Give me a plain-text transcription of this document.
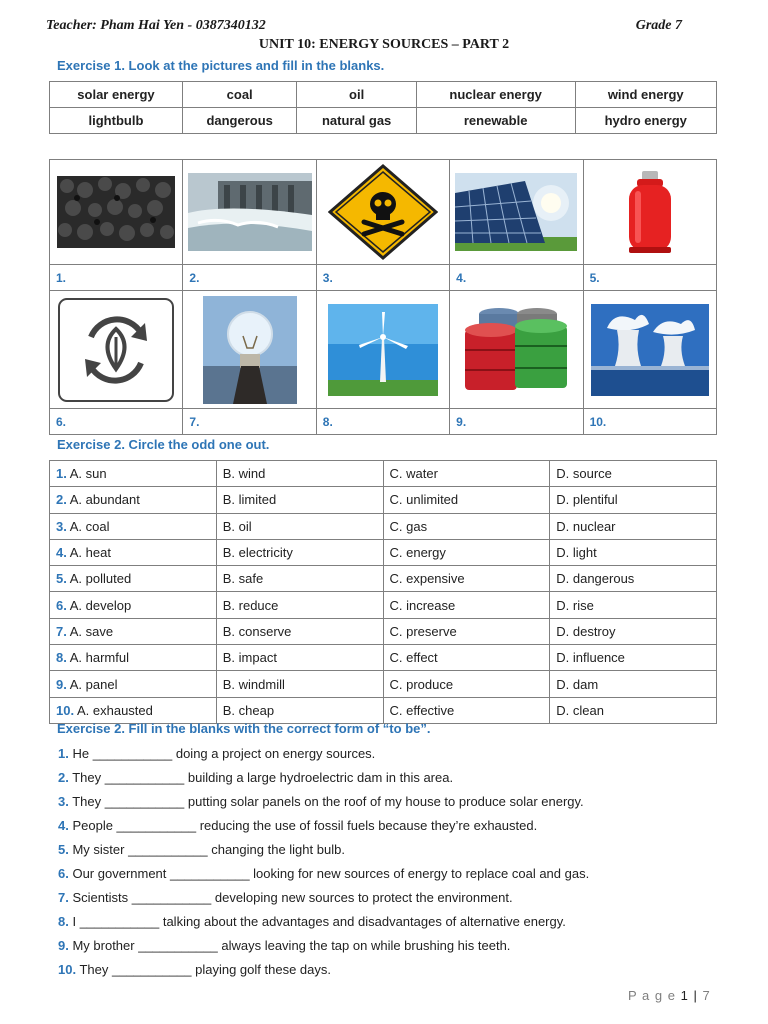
Teacher: Pham Hai Yen - 0387340132	Grade 7
UNIT 10: ENERGY SOURCES – PART 2
Exercise 1. Look at the pictures and fill in the blanks.
solar energy	coal	oil	nuclear energy	wind energy
lightbulb	dangerous	natural gas	renewable	hydro energy

1.	2.	3.	4.	5.

6.	7.	8.	9.	10.
Exercise 2. Circle the odd one out.
1. A. sun	B. wind	C. water	D. source
2. A. abundant	B. limited	C. unlimited	D. plentiful
3. A. coal	B. oil	C. gas	D. nuclear
4. A. heat	B. electricity	C. energy	D. light
5. A. polluted	B. safe	C. expensive	D. dangerous
6. A. develop	B. reduce	C. increase	D. rise
7. A. save	B. conserve	C. preserve	D. destroy
8. A. harmful	B. impact	C. effect	D. influence
9. A. panel	B. windmill	C. produce	D. dam
10. A. exhausted	B. cheap	C. effective	D. clean
Exercise 2. Fill in the blanks with the correct form of “to be”.
1. He ___________ doing a project on energy sources.
2. They ___________ building a large hydroelectric dam in this area.
3. They ___________ putting solar panels on the roof of my house to produce solar energy.
4. People ___________ reducing the use of fossil fuels because they’re exhausted.
5. My sister ___________ changing the light bulb.
6. Our government ___________ looking for new sources of energy to replace coal and gas.
7. Scientists ___________ developing new sources to protect the environment.
8. I ___________ talking about the advantages and disadvantages of alternative energy.
9. My brother ___________ always leaving the tap on while brushing his teeth.
10. They ___________ playing golf these days.
P a g e 1 | 7
